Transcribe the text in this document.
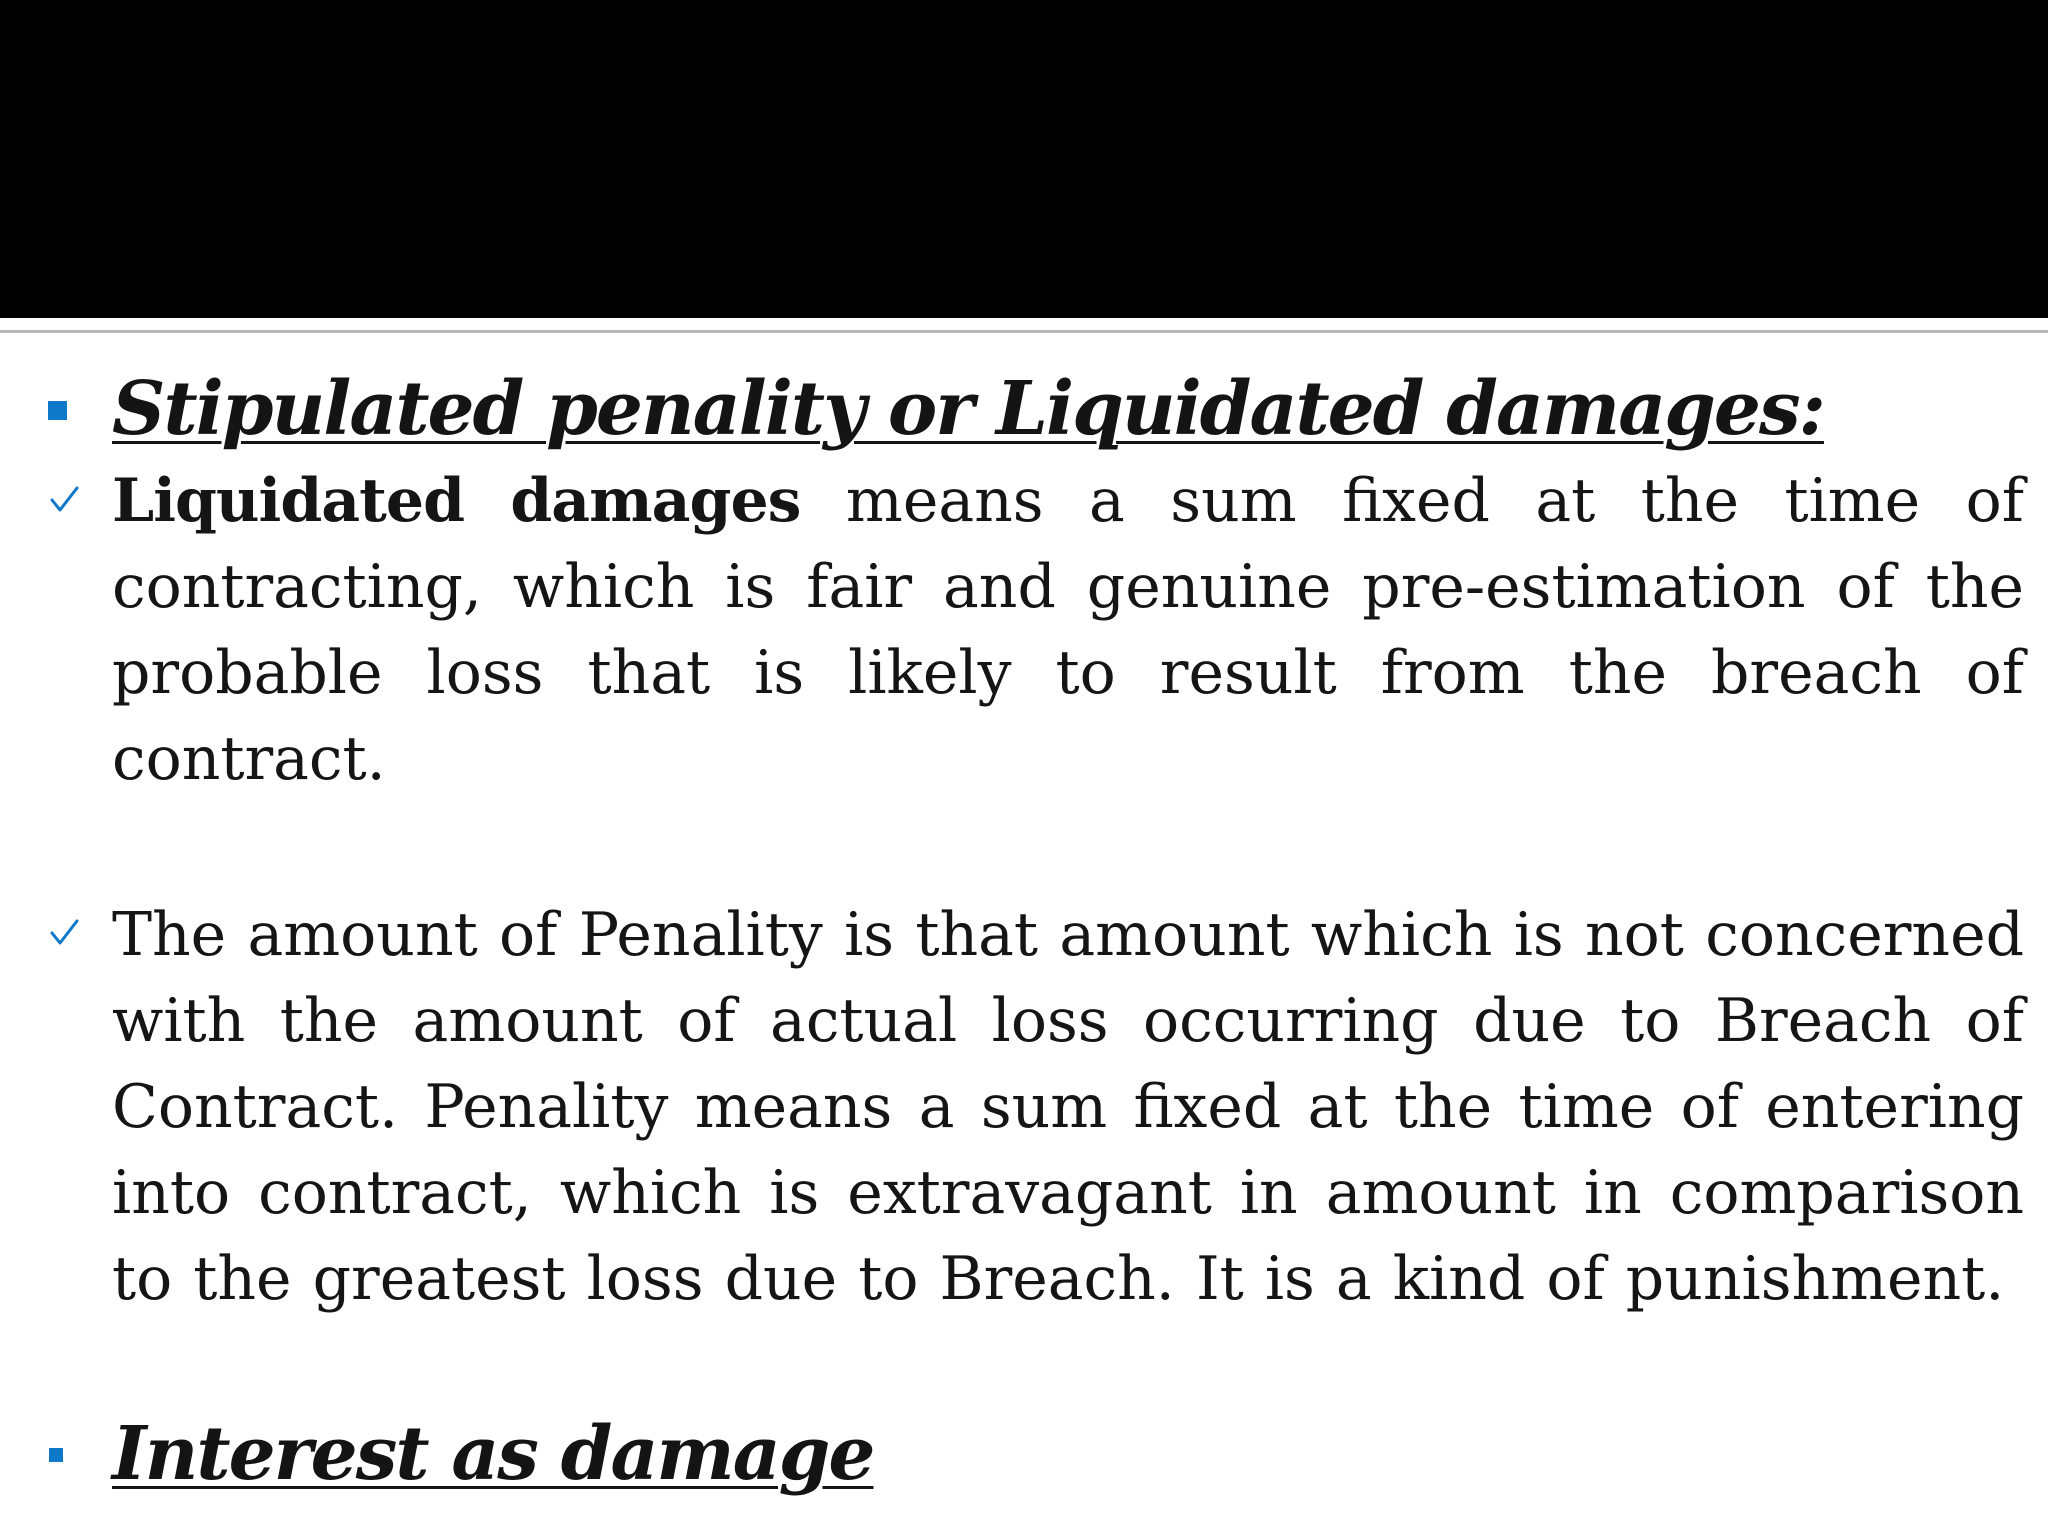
Stipulated penality or Liquidated damages:
Liquidated damages means a sum fixed at the time of contracting, which is fair and genuine pre-estimation of the probable loss that is likely to result from the breach of contract.
The amount of Penality is that amount which is not concerned with the amount of actual loss occurring due to Breach of Contract. Penality means a sum fixed at the time of entering into contract, which is extravagant in amount in comparison to the greatest loss due to Breach. It is a kind of punishment.
Interest as damage
